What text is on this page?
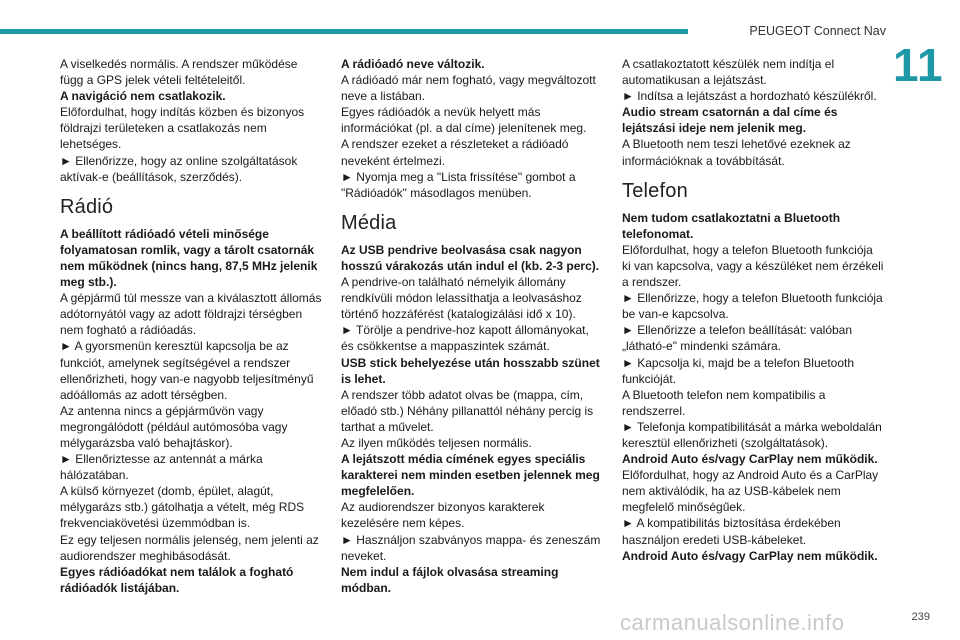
PEUGEOT Connect Nav
11

A viselkedés normális. A rendszer működése függ a GPS jelek vételi feltételeitől.

A navigáció nem csatlakozik.

Előfordulhat, hogy indítás közben és bizonyos földrajzi területeken a csatlakozás nem lehetséges.

► Ellenőrizze, hogy az online szolgáltatások aktívak-e (beállítások, szerződés).

Rádió

A beállított rádióadó vételi minősége folyamatosan romlik, vagy a tárolt csatornák nem működnek (nincs hang, 87,5 MHz jelenik meg stb.).

A gépjármű túl messze van a kiválasztott állomás adótornyától vagy az adott földrajzi térségben nem fogható a rádióadás.

► A gyorsmenün keresztül kapcsolja be az funkciót, amelynek segítségével a rendszer ellenőrizheti, hogy van-e nagyobb teljesítményű adóállomás az adott térségben.

Az antenna nincs a gépjárművön vagy megrongálódott (például autómosóba vagy mélygarázsba való behajtáskor).

► Ellenőriztesse az antennát a márka hálózatában.

A külső környezet (domb, épület, alagút, mélygarázs stb.) gátolhatja a vételt, még RDS frekvenciakövetési üzemmódban is.

Ez egy teljesen normális jelenség, nem jelenti az audiorendszer meghibásodását.

Egyes rádióadókat nem találok a fogható rádióadók listájában.

A rádióadó neve változik.

A rádióadó már nem fogható, vagy megváltozott neve a listában.

Egyes rádióadók a nevük helyett más információkat (pl. a dal címe) jelenítenek meg.

A rendszer ezeket a részleteket a rádióadó neveként értelmezi.

► Nyomja meg a "Lista frissítése" gombot a "Rádióadók" másodlagos menüben.

Média

Az USB pendrive beolvasása csak nagyon hosszú várakozás után indul el (kb. 2-3 perc).

A pendrive-on található némelyik állomány rendkívüli módon lelassíthatja a leolvasáshoz történő hozzáférést (katalogizálási idő x 10).

► Törölje a pendrive-hoz kapott állományokat, és csökkentse a mappaszintek számát.

USB stick behelyezése után hosszabb szünet is lehet.

A rendszer több adatot olvas be (mappa, cím, előadó stb.) Néhány pillanattól néhány percig is tarthat a művelet.

Az ilyen működés teljesen normális.

A lejátszott média címének egyes speciális karakterei nem minden esetben jelennek meg megfelelően.

Az audiorendszer bizonyos karakterek kezelésére nem képes.

► Használjon szabványos mappa- és zeneszám neveket.

Nem indul a fájlok olvasása streaming módban.

A csatlakoztatott készülék nem indítja el automatikusan a lejátszást.

► Indítsa a lejátszást a hordozható készülékről.

Audio stream csatornán a dal címe és lejátszási ideje nem jelenik meg.

A Bluetooth nem teszi lehetővé ezeknek az információknak a továbbítását.

Telefon

Nem tudom csatlakoztatni a Bluetooth telefonomat.

Előfordulhat, hogy a telefon Bluetooth funkciója ki van kapcsolva, vagy a készüléket nem érzékeli a rendszer.

► Ellenőrizze, hogy a telefon Bluetooth funkciója be van-e kapcsolva.

► Ellenőrizze a telefon beállítását: valóban „látható-e" mindenki számára.

► Kapcsolja ki, majd be a telefon Bluetooth funkcióját.

A Bluetooth telefon nem kompatibilis a rendszerrel.

► Telefonja kompatibilitását a márka weboldalán keresztül ellenőrizheti (szolgáltatások).

Android Auto és/vagy CarPlay nem működik.

Előfordulhat, hogy az Android Auto és a CarPlay nem aktiválódik, ha az USB-kábelek nem megfelelő minőségűek.

► A kompatibilitás biztosítása érdekében használjon eredeti USB-kábeleket.

Android Auto és/vagy CarPlay nem működik.

carmanualsonline.info	239
